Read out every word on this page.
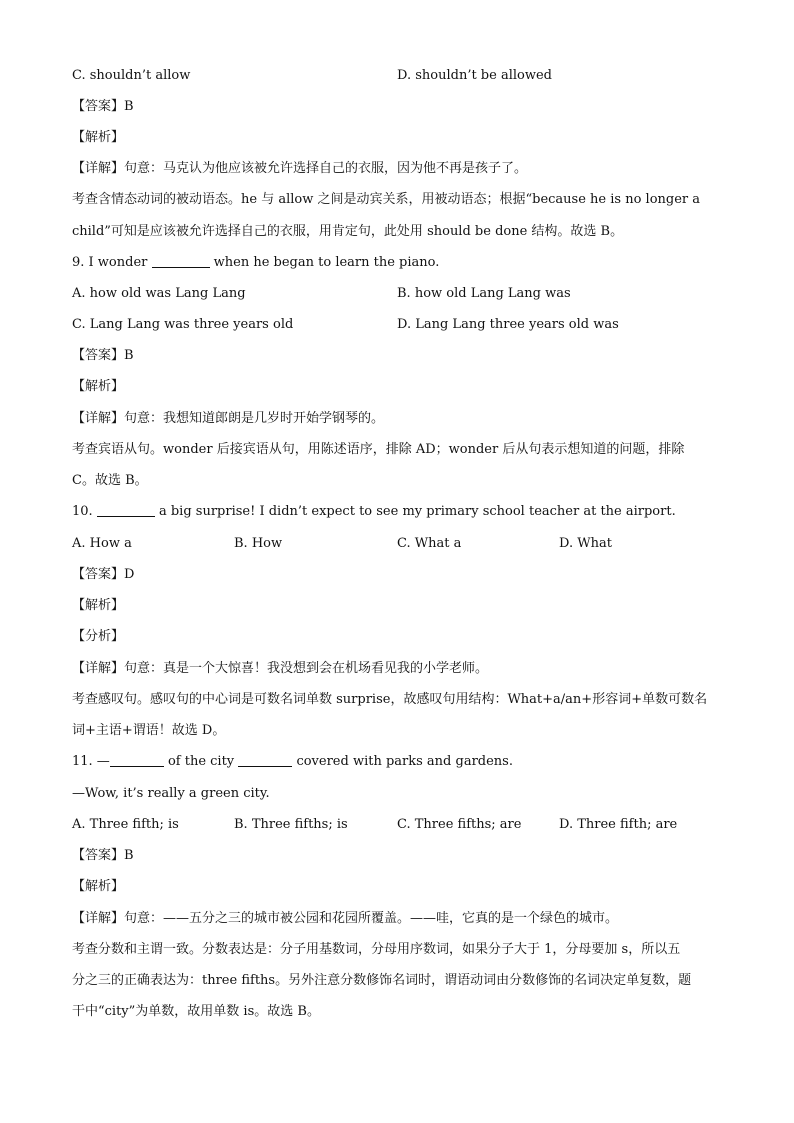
C. shouldn’t allow	D. shouldn’t be allowed
【答案】B
【解析】
【详解】句意：马克认为他应该被允许选择自己的衣服，因为他不再是孩子了。
考查含情态动词的被动语态。he 与 allow 之间是动宾关系，用被动语态；根据“because he is no longer a
child”可知是应该被允许选择自己的衣服，用肯定句，此处用 should be done 结构。故选 B。
9. I wonder	when he began to learn the piano.
A. how old was Lang Lang	B. how old Lang Lang was
C. Lang Lang was three years old	D. Lang Lang three years old was
【答案】B
【解析】
【详解】句意：我想知道郎朗是几岁时开始学钢琴的。
考查宾语从句。wonder 后接宾语从句，用陈述语序，排除 AD；wonder 后从句表示想知道的问题，排除
C。故选 B。
10.	a big surprise! I didn’t expect to see my primary school teacher at the airport.
A. How a	B. How	C. What a	D. What
【答案】D
【解析】
【分析】
【详解】句意：真是一个大惊喜！我没想到会在机场看见我的小学老师。
考查感叹句。感叹句的中心词是可数名词单数 surprise，故感叹句用结构：What+a/an+形容词+单数可数名
词+主语+谓语！故选 D。
11. —	of the city	covered with parks and gardens.
—Wow, it’s really a green city.
A. Three fifth; is	B. Three fifths; is	C. Three fifths; are	D. Three fifth; are
【答案】B
【解析】
【详解】句意：——五分之三的城市被公园和花园所覆盖。——哇，它真的是一个绿色的城市。
考查分数和主谓一致。分数表达是：分子用基数词，分母用序数词，如果分子大于 1，分母要加 s，所以五
分之三的正确表达为：three fifths。另外注意分数修饰名词时，谓语动词由分数修饰的名词决定单复数，题
干中“city”为单数，故用单数 is。故选 B。
